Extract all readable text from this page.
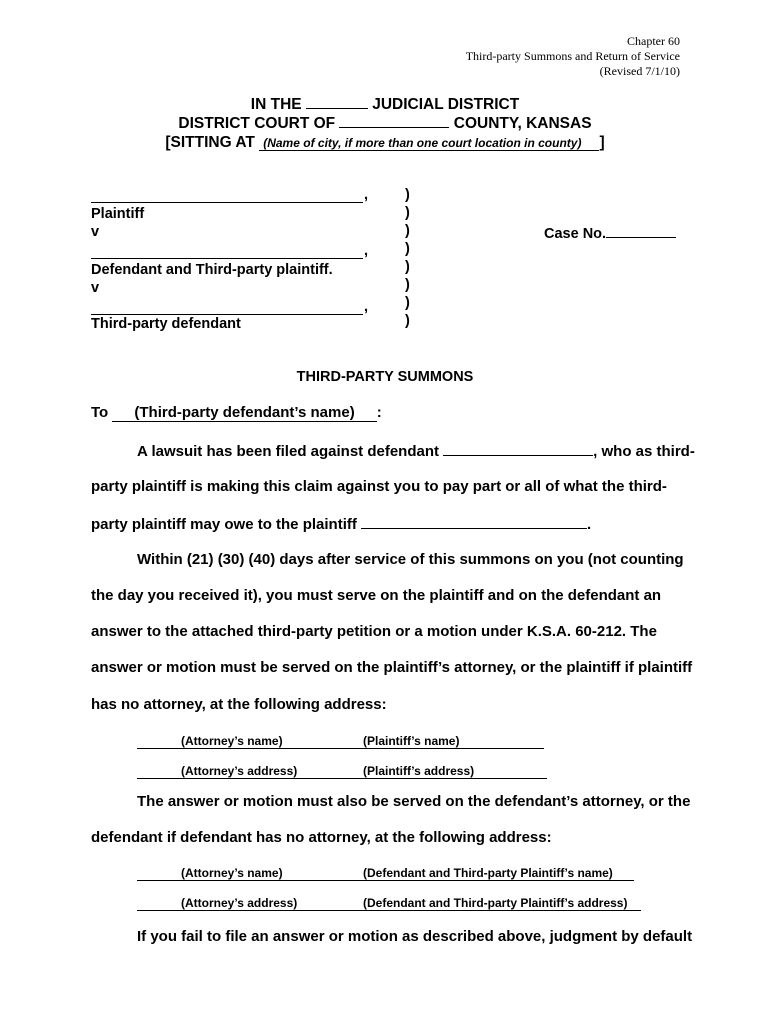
Chapter 60
Third-party Summons and Return of Service
(Revised 7/1/10)
IN THE	JUDICIAL DISTRICT
DISTRICT COURT OF	COUNTY, KANSAS
[SITTING AT (Name of city, if more than one court location in county) ]
,
Plaintiff
v
,
Defendant and Third-party plaintiff.
v
,
Third-party defendant
)
)
)
)
)
)
)
)
Case No.
THIRD-PARTY SUMMONS
To (Third-party defendant’s name) :
A lawsuit has been filed against defendant	, who as third-
party plaintiff is making this claim against you to pay part or all of what the third-
party plaintiff may owe to the plaintiff	.
Within (21) (30) (40) days after service of this summons on you (not counting
the day you received it), you must serve on the plaintiff and on the defendant an
answer to the attached third-party petition or a motion under K.S.A. 60-212. The
answer or motion must be served on the plaintiff’s attorney, or the plaintiff if plaintiff
has no attorney, at the following address:
(Attorney’s name)	(Plaintiff’s name)
(Attorney’s address)	(Plaintiff’s address)
The answer or motion must also be served on the defendant’s attorney, or the
defendant if defendant has no attorney, at the following address:
(Attorney’s name)	(Defendant and Third-party Plaintiff’s name)
(Attorney’s address)	(Defendant and Third-party Plaintiff’s address)
If you fail to file an answer or motion as described above, judgment by default
